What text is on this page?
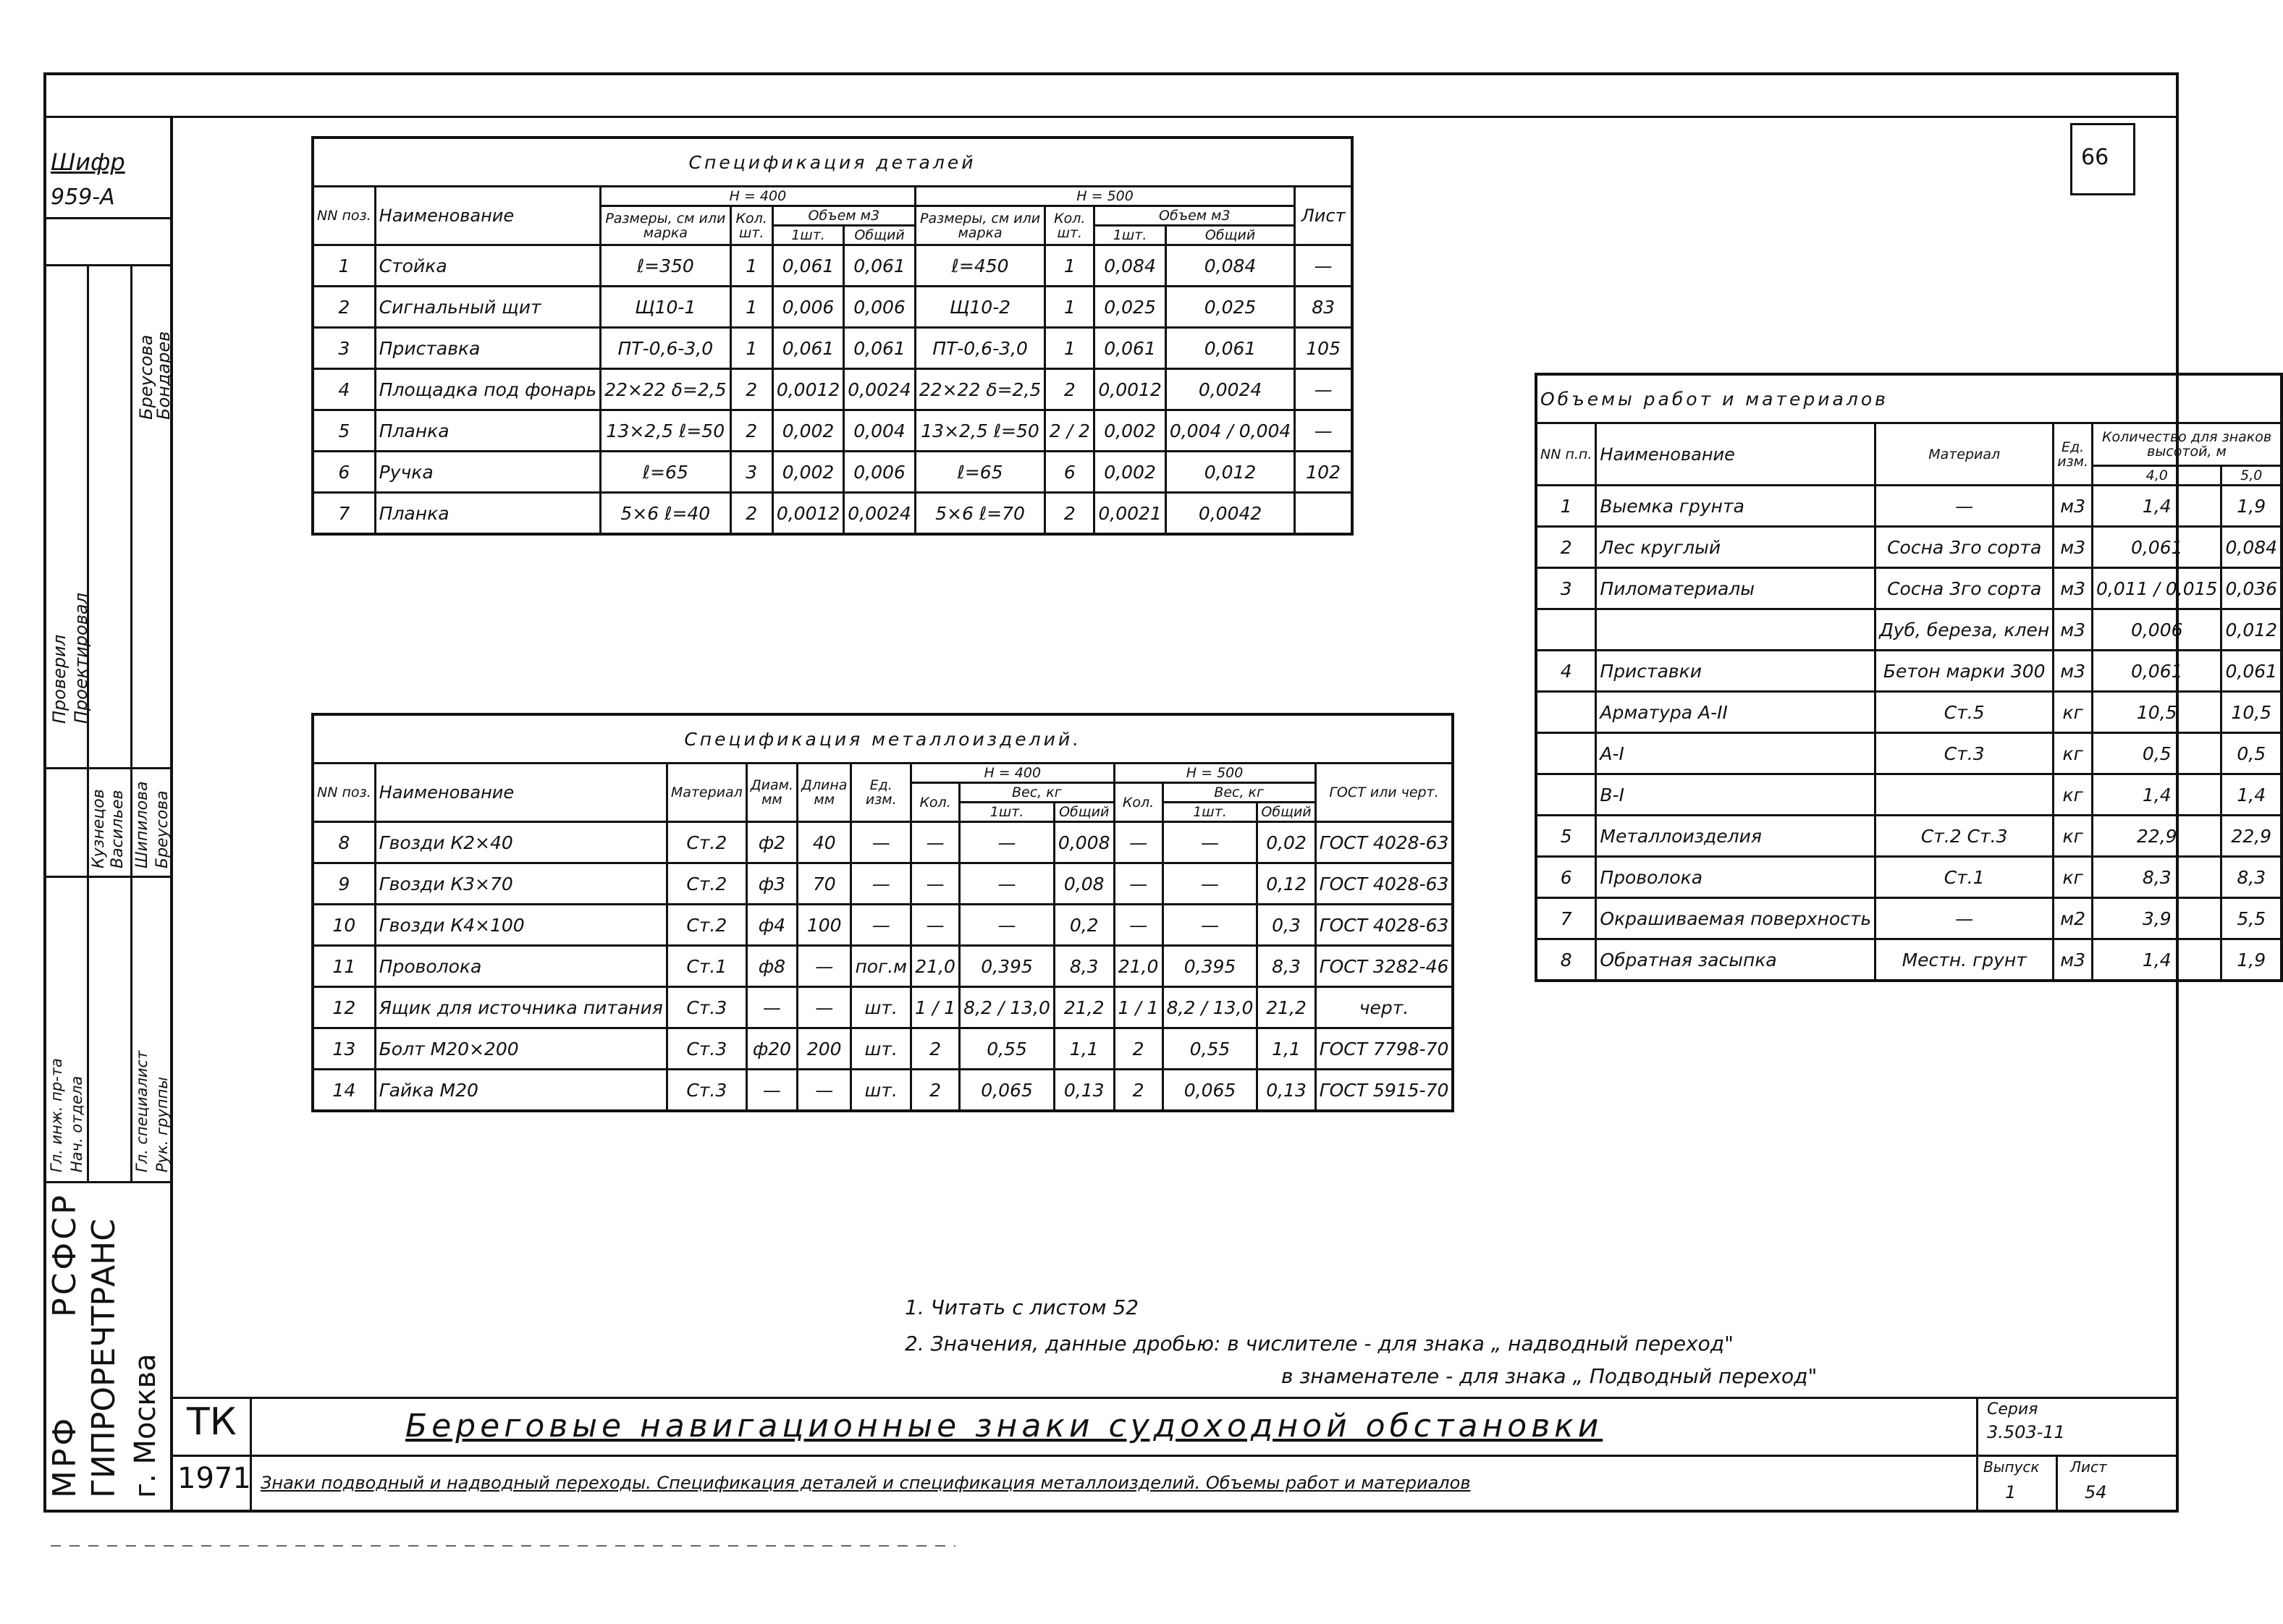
Шифр
959-А
66
Проверил Проектировал
Бреусова
Бондарев
Гл. инж. пр-та Нач. отдела	Гл. специалист Рук. группы
Кузнецов Васильев Шипилова Бреусова
МРФ
РСФСР ГИПРОРЕЧТРАНС г. Москва
Спецификация деталей										
NN поз.	Наименование	Н = 400				Н = 500				Лист
		Размеры, см или марка	Кол. шт.	Объем м3		Размеры, см или марка	Кол. шт.	Объем м3		
				1шт.	Общий			1шт.	Общий	
1	Стойка	ℓ=350	1	0,061	0,061	ℓ=450	1	0,084	0,084	—
2	Сигнальный щит	Щ10-1	1	0,006	0,006	Щ10-2	1	0,025	0,025	83
3	Приставка	ПТ-0,6-3,0	1	0,061	0,061	ПТ-0,6-3,0	1	0,061	0,061	105
4	Площадка под фонарь	22×22 δ=2,5	2	0,0012	0,0024	22×22 δ=2,5	2	0,0012	0,0024	—
5	Планка	13×2,5 ℓ=50	2	0,002	0,004	13×2,5 ℓ=50	2 / 2	0,002	0,004 / 0,004	—
6	Ручка	ℓ=65	3	0,002	0,006	ℓ=65	6	0,002	0,012	102
7	Планка	5×6 ℓ=40	2	0,0012	0,0024	5×6 ℓ=70	2	0,0021	0,0042	
Спецификация металлоизделий.												
NN поз.	Наименование	Материал	Диам. мм	Длина мм	Ед. изм.	Н = 400			Н = 500			ГОСТ или черт.
						Кол.	Вес, кг		Кол.	Вес, кг		
							1шт.	Общий		1шт.	Общий	
8	Гвозди К2×40	Ст.2	ф2	40	—	—	—	0,008	—	—	0,02	ГОСТ 4028-63
9	Гвозди К3×70	Ст.2	ф3	70	—	—	—	0,08	—	—	0,12	ГОСТ 4028-63
10	Гвозди К4×100	Ст.2	ф4	100	—	—	—	0,2	—	—	0,3	ГОСТ 4028-63
11	Проволока	Ст.1	ф8	—	пог.м	21,0	0,395	8,3	21,0	0,395	8,3	ГОСТ 3282-46
12	Ящик для источника питания	Ст.3	—	—	шт.	1 / 1	8,2 / 13,0	21,2	1 / 1	8,2 / 13,0	21,2	черт.
13	Болт М20×200	Ст.3	ф20	200	шт.	2	0,55	1,1	2	0,55	1,1	ГОСТ 7798-70
14	Гайка М20	Ст.3	—	—	шт.	2	0,065	0,13	2	0,065	0,13	ГОСТ 5915-70
Объемы работ и материалов					
NN п.п.	Наименование	Материал	Ед. изм.	Количество для знаков высотой, м	
				4,0	5,0
1	Выемка грунта	—	м3	1,4	1,9
2	Лес круглый	Сосна 3го сорта	м3	0,061	0,084
3	Пиломатериалы	Сосна 3го сорта	м3	0,011 / 0,015	0,036
		Дуб, береза, клен	м3	0,006	0,012
4	Приставки	Бетон марки 300	м3	0,061	0,061
	Арматура А-II	Ст.5	кг	10,5	10,5
	А-I	Ст.3	кг	0,5	0,5
	В-I		кг	1,4	1,4
5	Металлоизделия	Ст.2 Ст.3	кг	22,9	22,9
6	Проволока	Ст.1	кг	8,3	8,3
7	Окрашиваемая поверхность	—	м2	3,9	5,5
8	Обратная засыпка	Местн. грунт	м3	1,4	1,9
1. Читать с листом 52
2. Значения, данные дробью: в числителе - для знака „ надводный переход"
в знаменателе - для знака „ Подводный переход"
ТК
1971
Береговые навигационные знаки судоходной обстановки
Знаки подводный и надводный переходы. Спецификация деталей и спецификация металлоизделий. Объемы работ и материалов
Серия
3.503-11
Выпуск
1
Лист
54
